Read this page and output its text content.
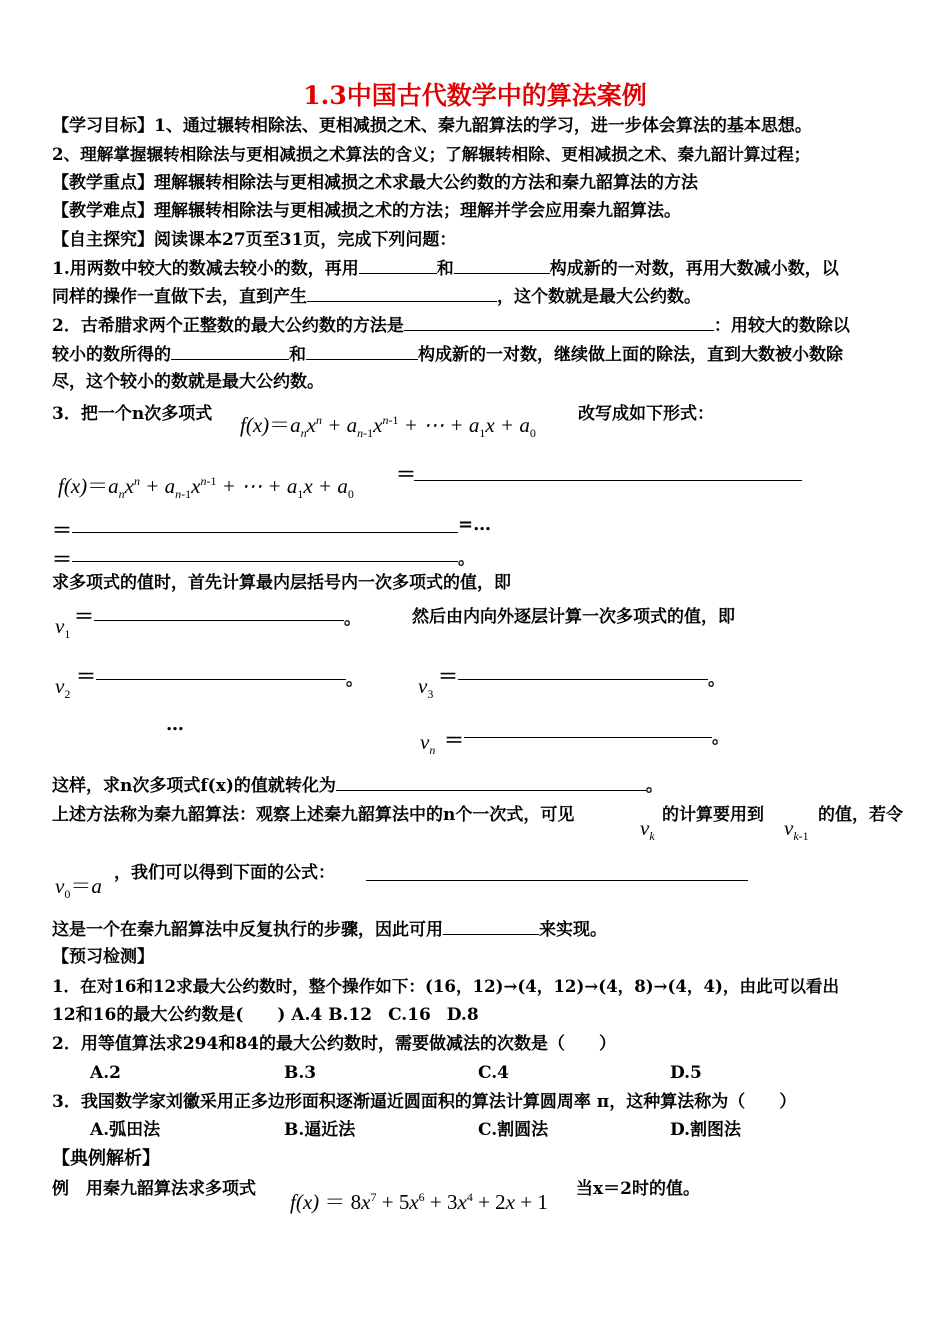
1.3中国古代数学中的算法案例
【学习目标】1、通过辗转相除法、更相减损之术、秦九韶算法的学习，进一步体会算法的基本思想。
2、理解掌握辗转相除法与更相减损之术算法的含义；了解辗转相除、更相减损之术、秦九韶计算过程；
【教学重点】理解辗转相除法与更相减损之术求最大公约数的方法和秦九韶算法的方法
【教学难点】理解辗转相除法与更相减损之术的方法；理解并学会应用秦九韶算法。
【自主探究】阅读课本27页至31页，完成下列问题：
1.用两数中较大的数减去较小的数，再用	和	构成新的一对数，再用大数减小数，以
同样的操作一直做下去，直到产生	，这个数就是最大公约数。
2．古希腊求两个正整数的最大公约数的方法是	：用较大的数除以
较小的数所得的	和	构成新的一对数，继续做上面的除法，直到大数被小数除
尽，这个较小的数就是最大公约数。
3．把一个n次多项式 $f(x)=a_nx^n + a_{n-1}x^{n-1}$ + ⋯ + $a_1x + a_0$
改写成如下形式：
$f(x)=a_nx^n + a_{n-1}x^{n-1}$ + ⋯ + $a_1x + a_0$
＝
＝	=…
＝	。
求多项式的值时，首先计算最内层括号内一次多项式的值，即
$v_1$
＝	。	然后由内向外逐层计算一次多项式的值，即
$v_2$
＝	。	$v_3$
＝	。
…
$v_n$ ＝	。
这样，求n次多项式f(x)的值就转化为	。
上述方法称为秦九韶算法：观察上述秦九韶算法中的n个一次式，可见
$v_k$
的计算要用到
$v_{k-1}$
的值，若令
$v_0=a$
，我们可以得到下面的公式：
这是一个在秦九韶算法中反复执行的步骤，因此可用	来实现。
【预习检测】
1．在对16和12求最大公约数时，整个操作如下：(16，12)→(4，12)→(4，8)→(4，4)，由此可以看出
12和16的最大公约数是(　　) A.4 B.12 C.16 D.8
2．用等值算法求294和84的最大公约数时，需要做减法的次数是（　　）
A.2	B.3	C.4	D.5
3．我国数学家刘徽采用正多边形面积逐渐逼近圆面积的算法计算圆周率 π，这种算法称为（　　）
A.弧田法	B.逼近法	C.割圆法	D.割图法
【典例解析】
例　用秦九韶算法求多项式
$f(x) = 8x^7 + 5x^6 + 3x^4 + 2x + 1$
当x＝2时的值。
